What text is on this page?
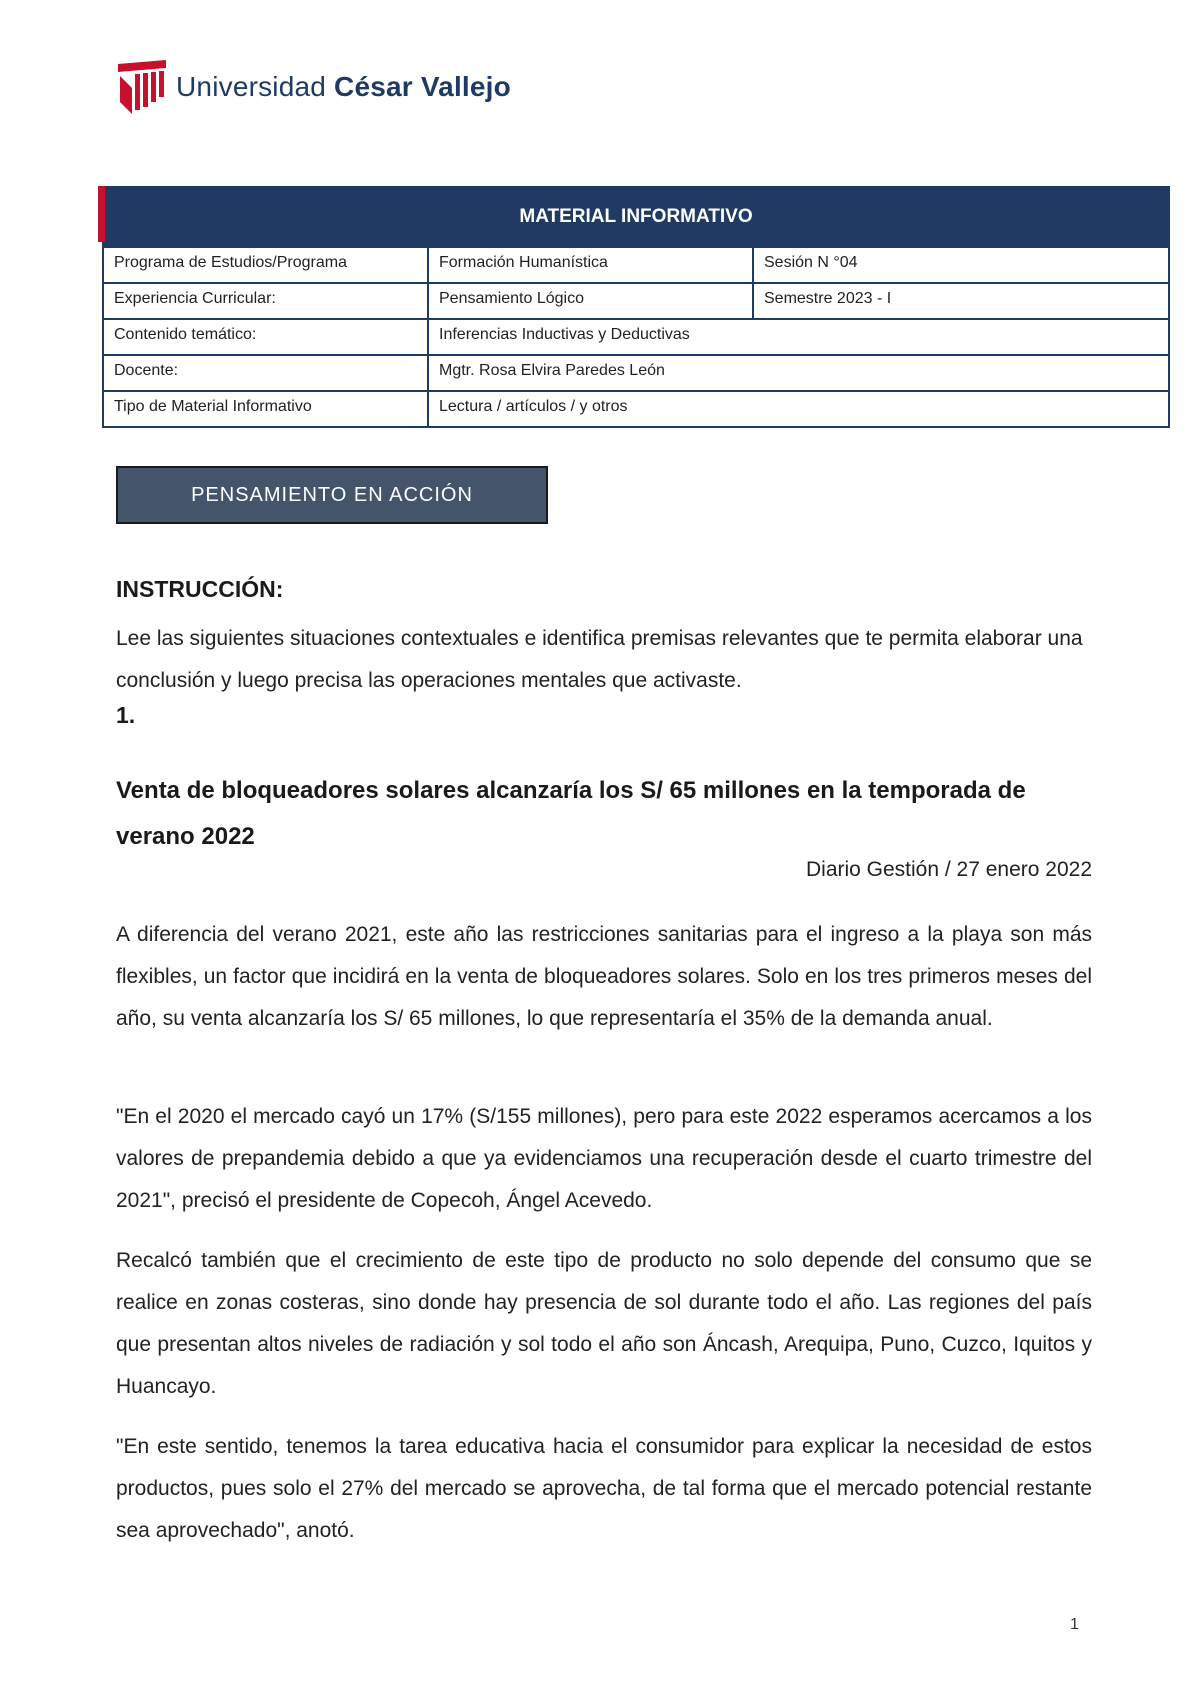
Universidad César Vallejo
MATERIAL INFORMATIVO		
Programa de Estudios/Programa	Formación Humanística	Sesión N °04
Experiencia Curricular:	Pensamiento Lógico	Semestre 2023 - I
Contenido temático:	Inferencias Inductivas y Deductivas	
Docente:	Mgtr. Rosa Elvira Paredes León	
Tipo de Material Informativo	Lectura / artículos / y otros	
PENSAMIENTO EN ACCIÓN
INSTRUCCIÓN:
Lee las siguientes situaciones contextuales e identifica premisas relevantes que te permita elaborar una conclusión y luego precisa las operaciones mentales que activaste.
1.
Venta de bloqueadores solares alcanzaría los S/ 65 millones en la temporada de verano 2022
Diario Gestión / 27 enero 2022
A diferencia del verano 2021, este año las restricciones sanitarias para el ingreso a la playa son más flexibles, un factor que incidirá en la venta de bloqueadores solares. Solo en los tres primeros meses del año, su venta alcanzaría los S/ 65 millones, lo que representaría el 35% de la demanda anual.
"En el 2020 el mercado cayó un 17% (S/155 millones), pero para este 2022 esperamos acercamos a los valores de prepandemia debido a que ya evidenciamos una recuperación desde el cuarto trimestre del 2021", precisó el presidente de Copecoh, Ángel Acevedo.
Recalcó también que el crecimiento de este tipo de producto no solo depende del consumo que se realice en zonas costeras, sino donde hay presencia de sol durante todo el año. Las regiones del país que presentan altos niveles de radiación y sol todo el año son Áncash, Arequipa, Puno, Cuzco, Iquitos y Huancayo.
"En este sentido, tenemos la tarea educativa hacia el consumidor para explicar la necesidad de estos productos, pues solo el 27% del mercado se aprovecha, de tal forma que el mercado potencial restante sea aprovechado", anotó.
1
